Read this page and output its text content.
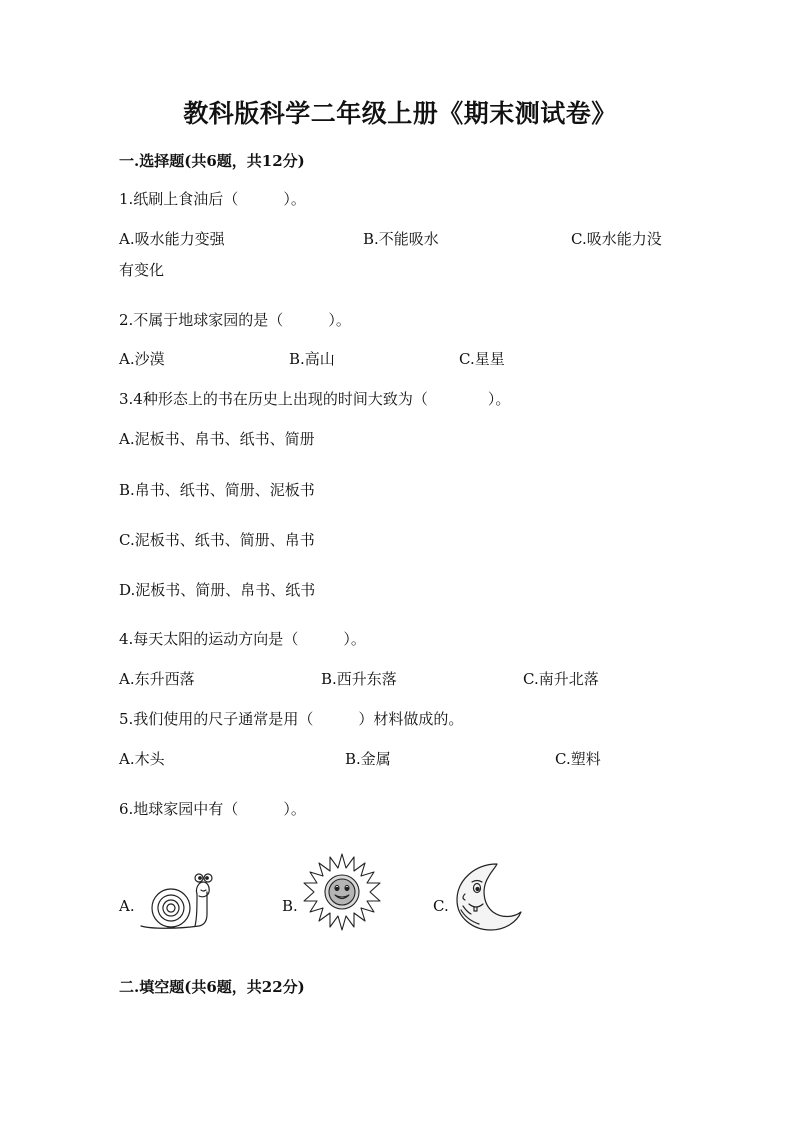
教科版科学二年级上册《期末测试卷》
一.选择题(共6题，共12分)
1.纸刷上食油后（　　　）。
A.吸水能力变强	B.不能吸水	C.吸水能力没
有变化
2.不属于地球家园的是（　　　）。
A.沙漠	B.高山	C.星星
3.4种形态上的书在历史上出现的时间大致为（　　　　）。
A.泥板书、帛书、纸书、简册
B.帛书、纸书、简册、泥板书
C.泥板书、纸书、简册、帛书
D.泥板书、简册、帛书、纸书
4.每天太阳的运动方向是（　　　）。
A.东升西落	B.西升东落	C.南升北落
5.我们使用的尺子通常是用（　　　）材料做成的。
A.木头	B.金属	C.塑料
6.地球家园中有（　　　）。
A.	B.	C.
二.填空题(共6题，共22分)
